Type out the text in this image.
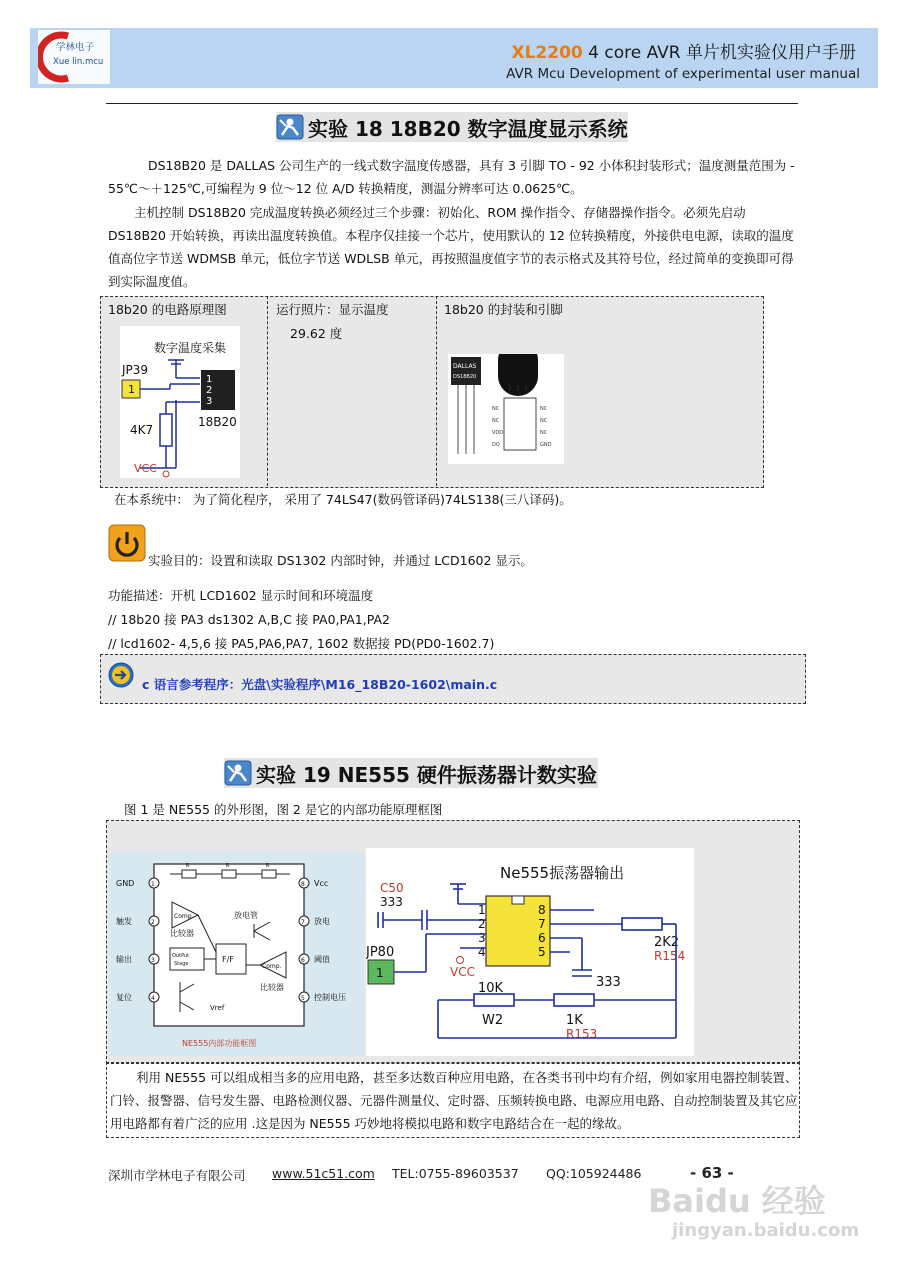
学林电子
Xue lin.mcu	XL2200 4 core AVR 单片机实验仪用户手册
AVR Mcu Development of experimental user manual
实验 18 18B20 数字温度显示系统
DS18B20 是 DALLAS 公司生产的一线式数字温度传感器，具有 3 引脚 TO - 92 小体积封装形式；温度测量范围为 - 55℃～＋125℃,可编程为 9 位～12 位 A/D 转换精度，测温分辨率可达 0.0625℃。
主机控制 DS18B20 完成温度转换必须经过三个步骤：初始化、ROM 操作指令、存储器操作指令。必须先启动 DS18B20 开始转换，再读出温度转换值。本程序仅挂接一个芯片，使用默认的 12 位转换精度，外接供电电源，读取的温度值高位字节送 WDMSB 单元，低位字节送 WDLSB 单元，再按照温度值字节的表示格式及其符号位，经过简单的变换即可得到实际温度值。
18b20 的电路原理图	运行照片：显示温度
29.62 度
18b20 的封装和引脚
数字温度采集
JP39
1
1
2
3
18B20
4K7
VCC
DALLAS
DS18B20
1 2 3
NC
NC
VDD
DQ
NC
NC
NC
GND
在本系统中： 为了简化程序， 采用了 74LS47(数码管译码)74LS138(三八译码)。
实验目的：设置和读取 DS1302 内部时钟，并通过 LCD1602 显示。
功能描述：开机 LCD1602 显示时间和环境温度
// 18b20 接 PA3 ds1302 A,B,C 接 PA0,PA1,PA2
// lcd1602- 4,5,6 接 PA5,PA6,PA7, 1602 数据接 PD(PD0-1602.7)
c 语言参考程序：光盘\实验程序\M16_18B20-1602\main.c
实验 19 NE555 硬件振荡器计数实验
图 1 是 NE555 的外形图，图 2 是它的内部功能原理框图
GND
触发
输出
复位
1
2
3
4
8
7
6
5
Vcc
放电
阈值
控制电压
R	R	R
Comp.
比较器
F/F
放电管
OutPut
Stage	Comp.
比较器
Vref
NE555内部功能框图
Ne555振荡器输出
C50
333
1
2
3
4
8
7
6
5
2K2
R154
JP80
1	VCC
333
10K
W2	1K
R153
利用 NE555 可以组成相当多的应用电路，甚至多达数百种应用电路，在各类书刊中均有介绍，例如家用电器控制装置、门铃、报警器、信号发生器、电路检测仪器、元器件测量仪、定时器、压频转换电路、电源应用电路、自动控制装置及其它应用电路都有着广泛的应用 .这是因为 NE555 巧妙地将模拟电路和数字电路结合在一起的缘故。
深圳市学林电子有限公司 www.51c51.com TEL:0755-89603537 QQ:105924486	- 63 -
Baidu 经验
jingyan.baidu.com
